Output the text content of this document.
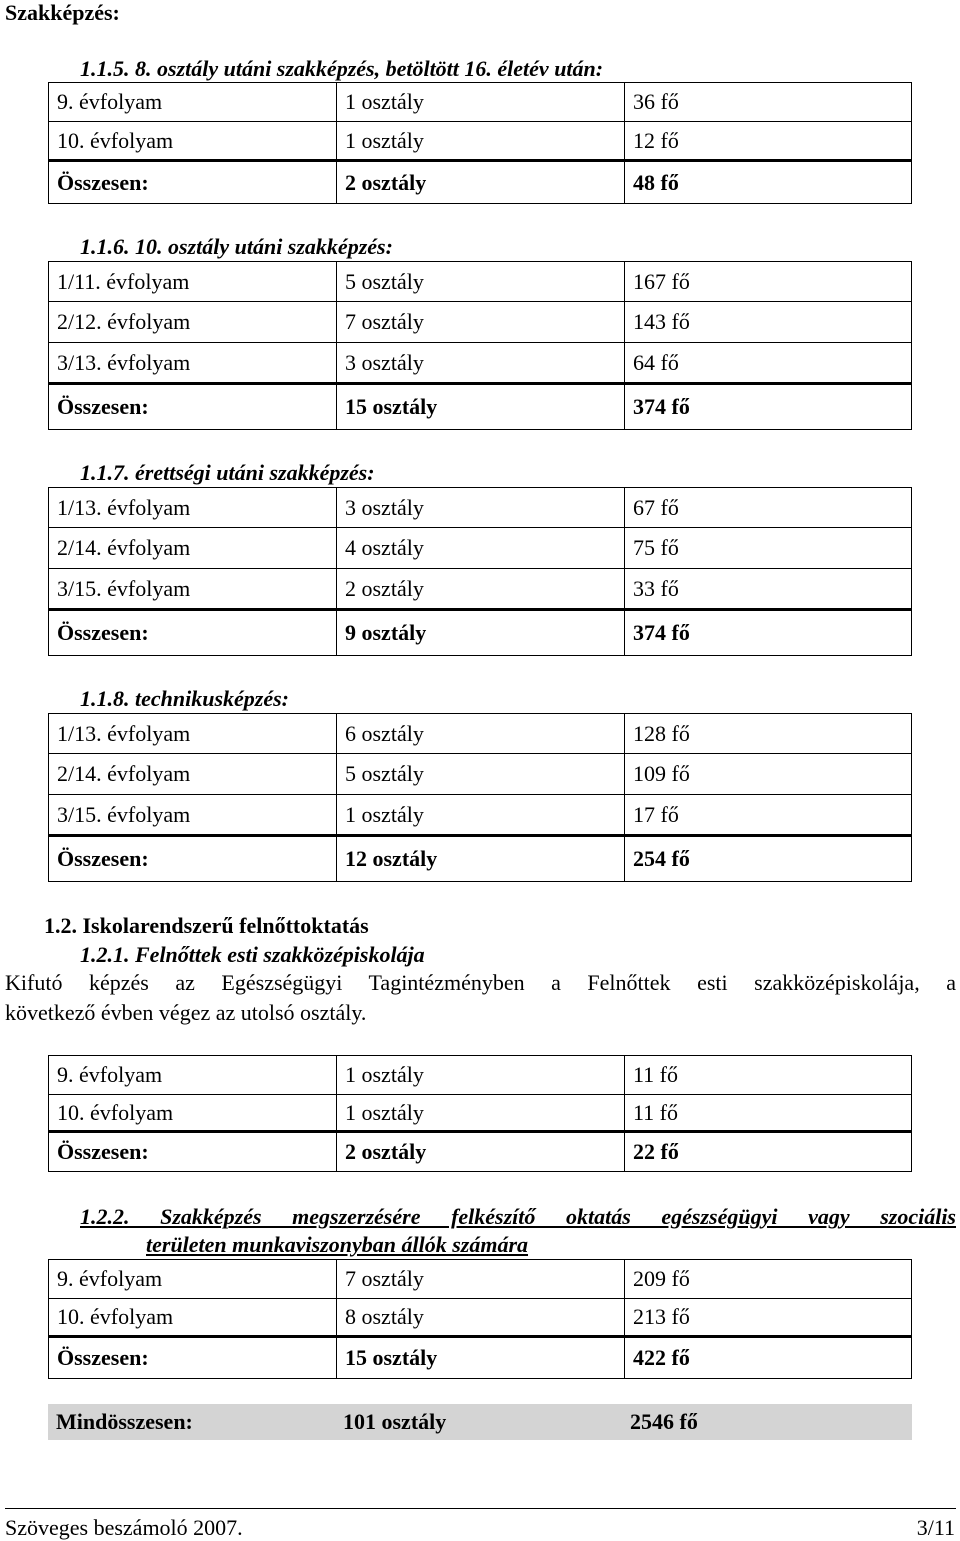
Szakképzés:
1.1.5. 8. osztály utáni szakképzés, betöltött 16. életév után:
9. évfolyam	1 osztály	36 fő
10. évfolyam	1 osztály	12 fő
Összesen:	2 osztály	48 fő
1.1.6. 10. osztály utáni szakképzés:
1/11. évfolyam	5 osztály	167 fő
2/12. évfolyam	7 osztály	143 fő
3/13. évfolyam	3 osztály	64 fő
Összesen:	15 osztály	374 fő
1.1.7. érettségi utáni szakképzés:
1/13. évfolyam	3 osztály	67 fő
2/14. évfolyam	4 osztály	75 fő
3/15. évfolyam	2 osztály	33 fő
Összesen:	9 osztály	374 fő
1.1.8. technikusképzés:
1/13. évfolyam	6 osztály	128 fő
2/14. évfolyam	5 osztály	109 fő
3/15. évfolyam	1 osztály	17 fő
Összesen:	12 osztály	254 fő
1.2. Iskolarendszerű felnőttoktatás
1.2.1. Felnőttek esti szakközépiskolája
Kifutó képzés az Egészségügyi Tagintézményben a Felnőttek esti szakközépiskolája, a
következő évben végez az utolsó osztály.
9. évfolyam	1 osztály	11 fő
10. évfolyam	1 osztály	11 fő
Összesen:	2 osztály	22 fő
1.2.2. Szakképzés megszerzésére felkészítő oktatás egészségügyi vagy szociális
területen munkaviszonyban állók számára
9. évfolyam	7 osztály	209 fő
10. évfolyam	8 osztály	213 fő
Összesen:	15 osztály	422 fő
Mindösszesen:	101 osztály	2546 fő
Szöveges beszámoló 2007.	3/11
